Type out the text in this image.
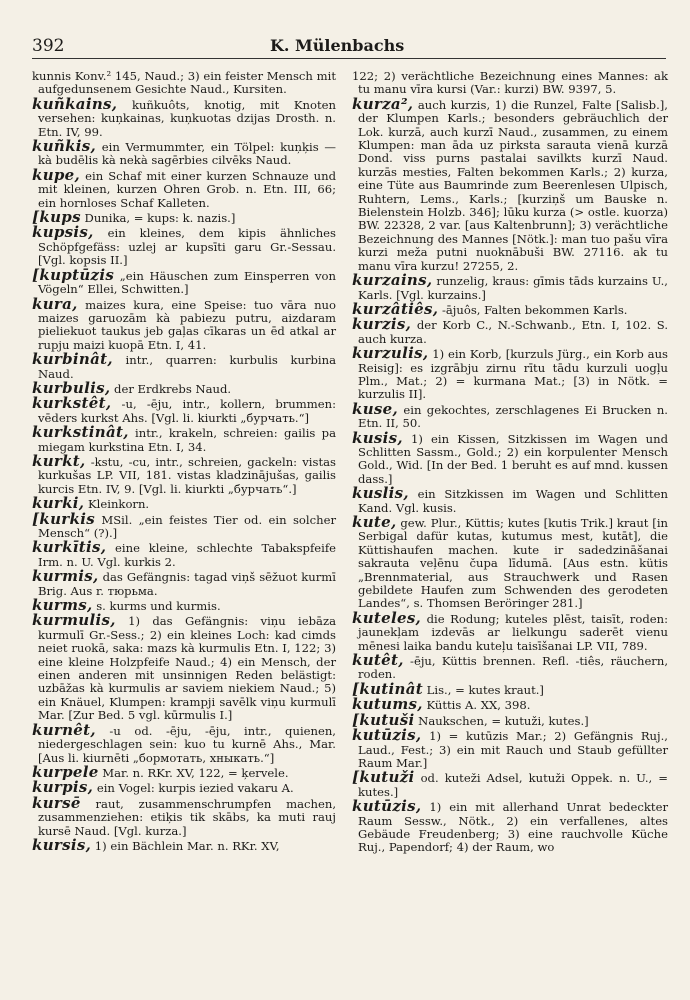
392	K. Mülenbachs

kunnis Konv.² 145, Naud.; 3) ein feister Mensch mit aufgedunsenem Gesichte Naud., Kursiten.

kuñkains, kuñkuôts, knotig, mit Knoten versehen: kuņkainas, kuņkuotas dzijas Drosth. n. Etn. IV, 99.

kuñkis, ein Vermummter, ein Tölpel: kuņķis — kà budēlis kà nekà sagērbies cilvēks Naud.

kupe, ein Schaf mit einer kurzen Schnauze und mit kleinen, kurzen Ohren Grob. n. Etn. III, 66; ein hornloses Schaf Kalleten.

[kups Dunika, = kups: k. nazis.]

kupsis, ein kleines, dem kipis ähnliches Schöpfgefäss: uzlej ar kupsīti garu Gr.-Sessau. [Vgl. kopsis II.]

[kuptūzis „ein Häuschen zum Einsperren von Vögeln“ Ellei, Schwitten.]

kura, maizes kura, eine Speise: tuo vāra nuo maizes garuozām kà pabiezu putru, aizdaram pieliekuot taukus jeb gaļas cīkaras un ēd atkal ar rupju maizi kuopā Etn. I, 41.

kurbinât, intr., quarren: kurbulis kurbina Naud.

kurbulis, der Erdkrebs Naud.

kurkstêt, -u, -ēju, intr., kollern, brummen: vēders kurkst Ahs. [Vgl. li. kiurkti „бурчать.“]

kurkstinât, intr., krakeln, schreien: gailis pa miegam kurkstina Etn. I, 34.

kurkt, -kstu, -cu, intr., schreien, gackeln: vistas kurkušas LP. VII, 181. vistas kladzinājušas, gailis kurcis Etn. IV, 9. [Vgl. li. kiurkti „бурчать“.]

kurki, Kleinkorn.

[kurkis MSil. „ein feistes Tier od. ein solcher Mensch“ (?).]

kurkītis, eine kleine, schlechte Tabakspfeife Irm. n. U. Vgl. kurkis 2.

kurmis, das Gefängnis: tagad viņš sēžuot kurmī Brig. Aus r. тюрьма.

kurms, s. kurms und kurmis.

kurmulis, 1) das Gefängnis: viņu iebāza kurmulī Gr.-Sess.; 2) ein kleines Loch: kad cimds neiet ruokā, saka: mazs kà kurmulis Etn. I, 122; 3) eine kleine Holzpfeife Naud.; 4) ein Mensch, der einen anderen mit unsinnigen Reden belästigt: uzbāžas kà kurmulis ar saviem niekiem Naud.; 5) ein Knäuel, Klumpen: krampji savēlk viņu kurmulī Mar. [Zur Bed. 5 vgl. kūrmulis I.]

kurnêt, -u od. -ēju, -ēju, intr., quienen, niedergeschlagen sein: kuo tu kurnē Ahs., Mar. [Aus li. kiurnēti „бормотать, хныкать.“]

kurpele Mar. n. RKr. XV, 122, = ķervele.

kurpis, ein Vogel: kurpis iezied vakaru A.

kursē raut, zusammenschrumpfen machen, zusammenziehen: etiķis tik skābs, ka muti rauj kursē Naud. [Vgl. kurza.]

kursis, 1) ein Bächlein Mar. n. RKr. XV,

122; 2) verächtliche Bezeichnung eines Mannes: ak tu manu vīra kursi (Var.: kurzi) BW. 9397, 5.

kurza², auch kurzis, 1) die Runzel, Falte [Salisb.], der Klumpen Karls.; besonders gebräuchlich der Lok. kurzā, auch kurzī Naud., zusammen, zu einem Klumpen: man āda uz pirksta sarauta vienā kurzā Dond. viss purns pastalai savilkts kurzī Naud. kurzās mesties, Falten bekommen Karls.; 2) kurza, eine Tüte aus Baumrinde zum Beerenlesen Ulpisch, Ruhtern, Lems., Karls.; [kurziņš um Bauske n. Bielenstein Holzb. 346]; lūku kurza (> ostle. kuorza) BW. 22328, 2 var. [aus Kaltenbrunn]; 3) verächtliche Bezeichnung des Mannes [Nötk.]: man tuo pašu vīra kurzi meža putni nuoknābuši BW. 27116. ak tu manu vīra kurzu! 27255, 2.

kurzains, runzelig, kraus: gīmis tāds kurzains U., Karls. [Vgl. kurzains.]

kurzâtiês, -ājuôs, Falten bekommen Karls.

kurzis, der Korb C., N.-Schwanb., Etn. I, 102. S. auch kurza.

kurzulis, 1) ein Korb, [kurzuls Jürg., ein Korb aus Reisig]: es izgrābju zirnu rītu tādu kurzuli uogļu Plm., Mat.; 2) = kurmana Mat.; [3) in Nötk. = kurzulis II].

kuse, ein gekochtes, zerschlagenes Ei Brucken n. Etn. II, 50.

kusis, 1) ein Kissen, Sitzkissen im Wagen und Schlitten Sassm., Gold.; 2) ein korpulenter Mensch Gold., Wid. [In der Bed. 1 beruht es auf mnd. kussen dass.]

kuslis, ein Sitzkissen im Wagen und Schlitten Kand. Vgl. kusis.

kute, gew. Plur., Küttis; kutes [kutis Trik.] kraut [in Serbigal dafür kutas, kutumus mest, kutāt], die Küttishaufen machen. kute ir sadedzināšanai sakrauta veļēnu čupa līdumā. [Aus estn. kütis „Brennmaterial, aus Strauchwerk und Rasen gebildete Haufen zum Schwenden des gerodeten Landes“, s. Thomsen Beröringer 281.]

kuteles, die Rodung; kuteles plēst, taisīt, roden: jaunekļam izdevās ar lielkungu saderēt vienu mēnesi laika bandu kuteļu taisīšanai LP. VII, 789.

kutêt, -ēju, Küttis brennen. Refl. -tiês, räuchern, roden.

[kutinât Lis., = kutes kraut.]

kutums, Küttis A. XX, 398.

[kutuši Naukschen, = kutuži, kutes.]

kutūzis, 1) = kutūzis Mar.; 2) Gefängnis Ruj., Laud., Fest.; 3) ein mit Rauch und Staub gefüllter Raum Mar.]

[kutuži od. kuteži Adsel, kutuži Oppek. n. U., = kutes.]

kutūzis, 1) ein mit allerhand Unrat bedeckter Raum Sessw., Nötk., 2) ein verfallenes, altes Gebäude Freudenberg; 3) eine rauchvolle Küche Ruj., Papendorf; 4) der Raum, wo
